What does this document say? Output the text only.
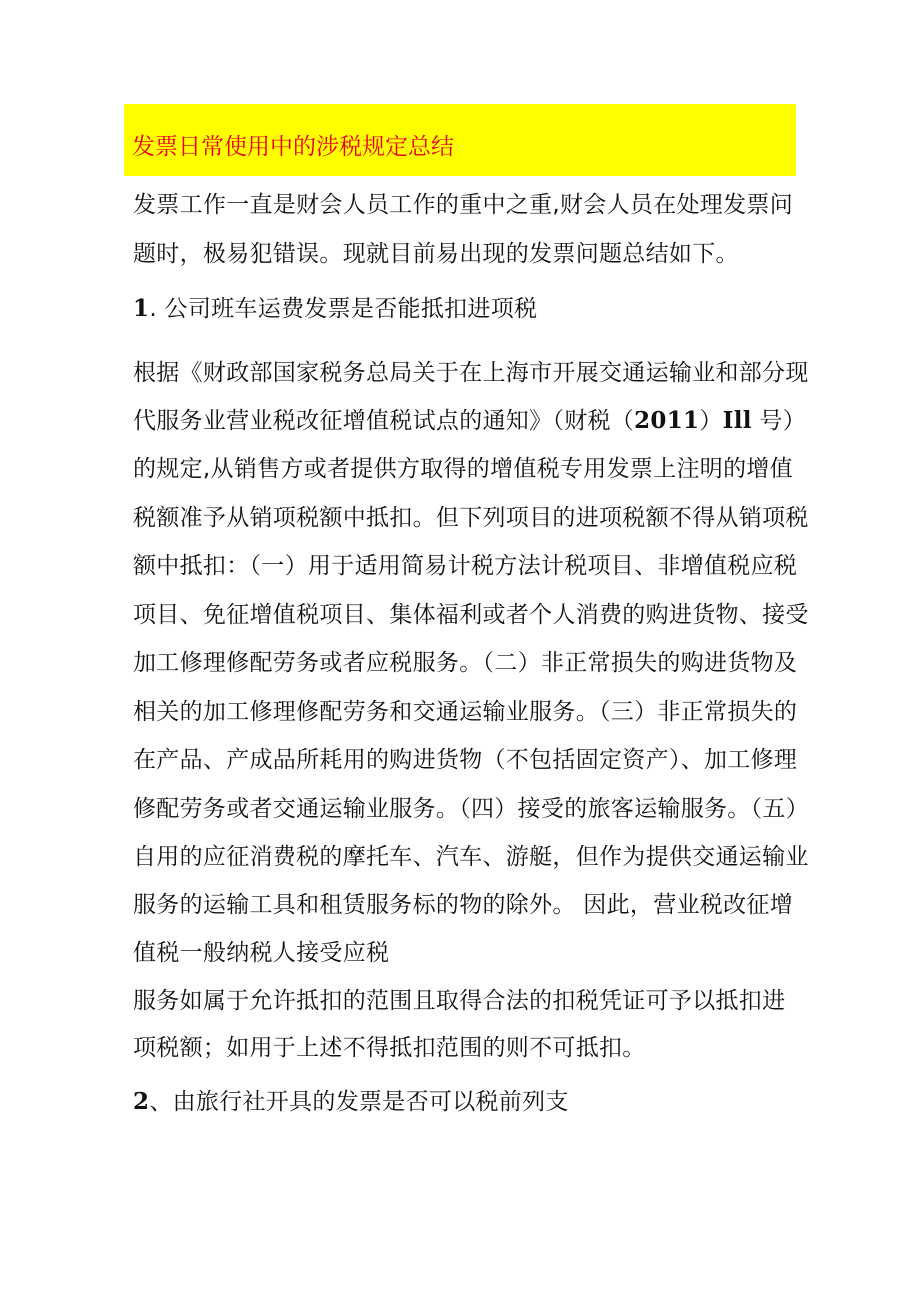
发票日常使用中的涉税规定总结
发票工作一直是财会人员工作的重中之重,财会人员在处理发票问
题时，极易犯错误。现就目前易出现的发票问题总结如下。
1. 公司班车运费发票是否能抵扣进项税
根据《财政部国家税务总局关于在上海市开展交通运输业和部分现
代服务业营业税改征增值税试点的通知》（财税（2011）Ill 号）
的规定,从销售方或者提供方取得的增值税专用发票上注明的增值
税额准予从销项税额中抵扣。但下列项目的进项税额不得从销项税
额中抵扣：（一）用于适用简易计税方法计税项目、非增值税应税
项目、免征增值税项目、集体福利或者个人消费的购进货物、接受
加工修理修配劳务或者应税服务。（二）非正常损失的购进货物及
相关的加工修理修配劳务和交通运输业服务。（三）非正常损失的
在产品、产成品所耗用的购进货物（不包括固定资产）、加工修理
修配劳务或者交通运输业服务。（四）接受的旅客运输服务。（五）
自用的应征消费税的摩托车、汽车、游艇，但作为提供交通运输业
服务的运输工具和租赁服务标的物的除外。 因此，营业税改征增
值税一般纳税人接受应税
服务如属于允许抵扣的范围且取得合法的扣税凭证可予以抵扣进
项税额；如用于上述不得抵扣范围的则不可抵扣。
2、由旅行社开具的发票是否可以税前列支
